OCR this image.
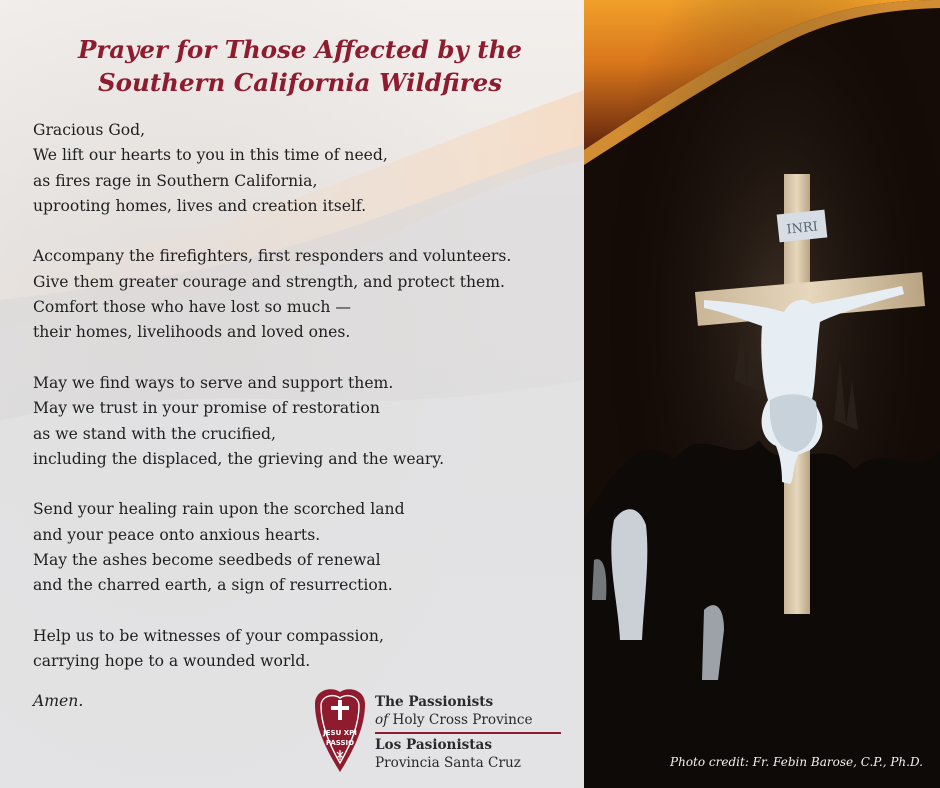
Prayer for Those Affected by the
Southern California Wildfires

Gracious God,
We lift our hearts to you in this time of need,
as fires rage in Southern California,
uprooting homes, lives and creation itself.

Accompany the firefighters, first responders and volunteers.
Give them greater courage and strength, and protect them.
Comfort those who have lost so much —
their homes, livelihoods and loved ones.

May we find ways to serve and support them.
May we trust in your promise of restoration
as we stand with the crucified,
including the displaced, the grieving and the weary.

Send your healing rain upon the scorched land
and your peace onto anxious hearts.
May the ashes become seedbeds of renewal
and the charred earth, a sign of resurrection.

Help us to be witnesses of your compassion,
carrying hope to a wounded world.

Amen.

JESU XPI
PASSIO
The Passionists
of Holy Cross Province
Los Pasionistas
Provincia Santa Cruz
INRI
Photo credit: Fr. Febin Barose, C.P., Ph.D.
